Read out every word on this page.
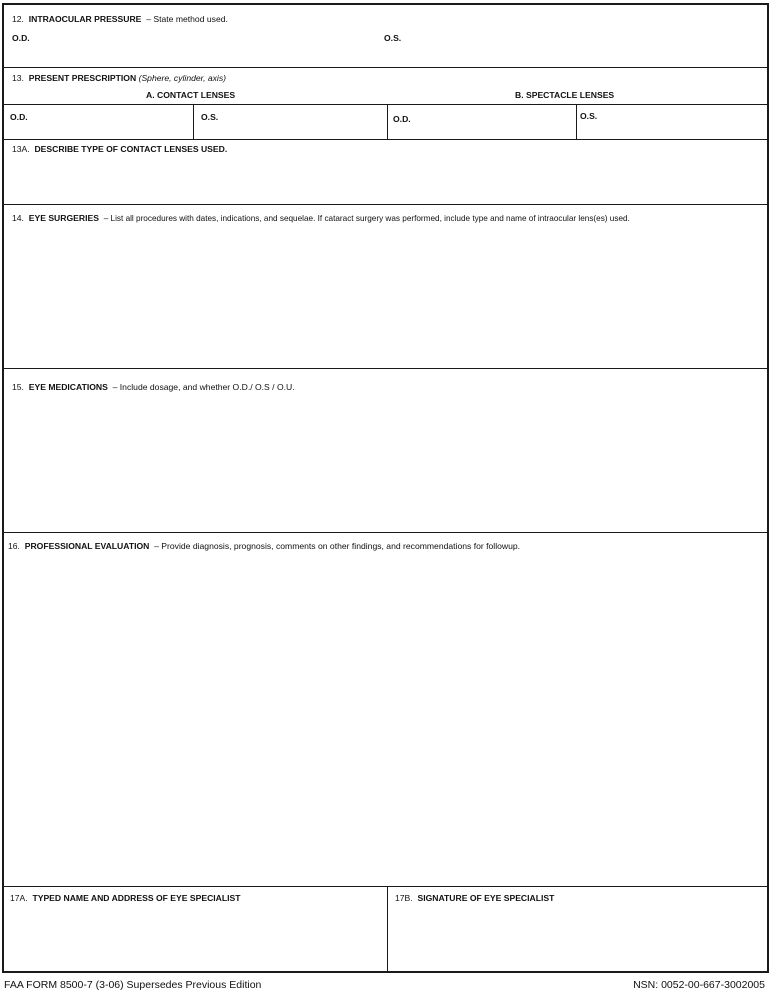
12. INTRAOCULAR PRESSURE – State method used.
O.D.	O.S.
13. PRESENT PRESCRIPTION (Sphere, cylinder, axis)
A. CONTACT LENSES	B. SPECTACLE LENSES
O.D.	O.S.	O.D.	O.S.
13A. DESCRIBE TYPE OF CONTACT LENSES USED.
14. EYE SURGERIES – List all procedures with dates, indications, and sequelae. If cataract surgery was performed, include type and name of intraocular lens(es) used.
15. EYE MEDICATIONS – Include dosage, and whether O.D./ O.S / O.U.
16. PROFESSIONAL EVALUATION – Provide diagnosis, prognosis, comments on other findings, and recommendations for followup.
17A. TYPED NAME AND ADDRESS OF EYE SPECIALIST	17B. SIGNATURE OF EYE SPECIALIST
FAA FORM 8500-7 (3-06) Supersedes Previous Edition	NSN: 0052-00-667-3002005
